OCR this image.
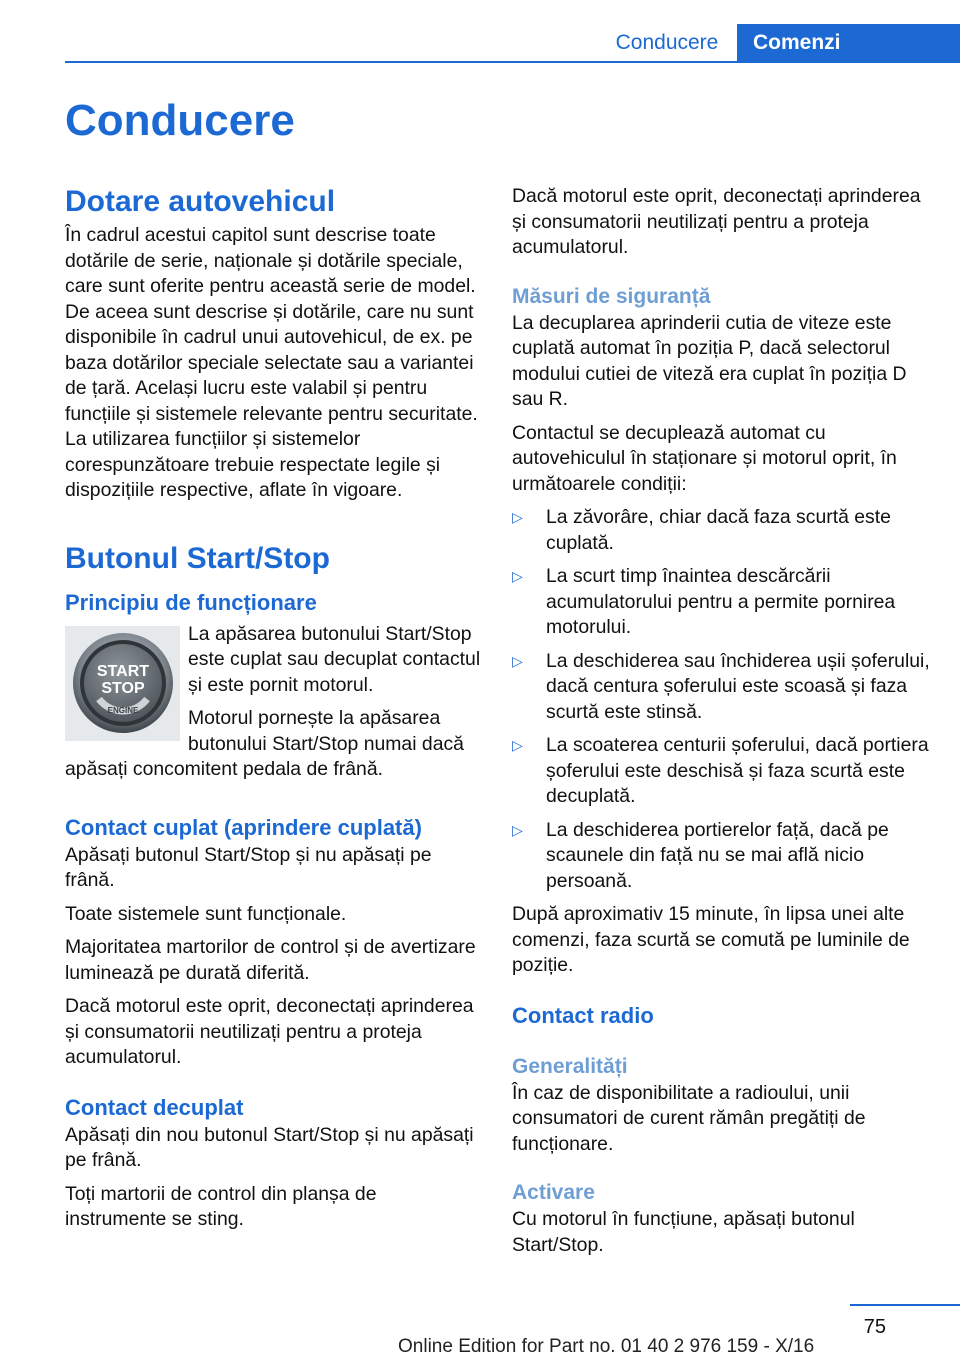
Conducere	Comenzi
Conducere
Dotare autovehicul

În cadrul acestui capitol sunt descrise toate dotările de serie, naționale și dotările speciale, care sunt oferite pentru această serie de model. De aceea sunt descrise și dotările, care nu sunt disponibile în cadrul unui autovehicul, de ex. pe baza dotărilor speciale selectate sau a variantei de țară. Același lucru este valabil și pentru funcțiile și sistemele relevante pentru securitate. La utilizarea funcțiilor și sistemelor corespunzătoare trebuie respectate legile și dispozițiile respective, aflate în vigoare.

Butonul Start/Stop
Principiu de funcționare
START
STOP
ENGINE

La apăsarea butonului Start/Stop este cuplat sau decuplat contactul și este pornit motorul.

Motorul pornește la apăsarea butonului Start/Stop numai dacă apăsați concomitent pedala de frână.

Contact cuplat (aprindere cuplată)

Apăsați butonul Start/Stop și nu apăsați pe frână.

Toate sistemele sunt funcționale.

Majoritatea martorilor de control și de avertizare luminează pe durată diferită.

Dacă motorul este oprit, deconectați aprinderea și consumatorii neutilizați pentru a proteja acumulatorul.

Contact decuplat

Apăsați din nou butonul Start/Stop și nu apăsați pe frână.

Toți martorii de control din planșa de instrumente se sting.

Dacă motorul este oprit, deconectați aprinderea și consumatorii neutilizați pentru a proteja acumulatorul.

Măsuri de siguranță

La decuplarea aprinderii cutia de viteze este cuplată automat în poziția P, dacă selectorul modului cutiei de viteză era cuplat în poziția D sau R.

Contactul se decuplează automat cu autovehiculul în staționare și motorul oprit, în următoarele condiții:

▷ La zăvorâre, chiar dacă faza scurtă este cuplată.
▷ La scurt timp înaintea descărcării acumulatorului pentru a permite pornirea motorului.
▷ La deschiderea sau închiderea ușii șoferului, dacă centura șoferului este scoasă și faza scurtă este stinsă.
▷ La scoaterea centurii șoferului, dacă portiera șoferului este deschisă și faza scurtă este decuplată.
▷ La deschiderea portierelor față, dacă pe scaunele din față nu se mai află nicio persoană.

După aproximativ 15 minute, în lipsa unei alte comenzi, faza scurtă se comută pe luminile de poziție.

Contact radio
Generalități

În caz de disponibilitate a radioului, unii consumatori de curent rămân pregătiți de funcționare.

Activare

Cu motorul în funcțiune, apăsați butonul Start/Stop.

75
Online Edition for Part no. 01 40 2 976 159 - X/16
